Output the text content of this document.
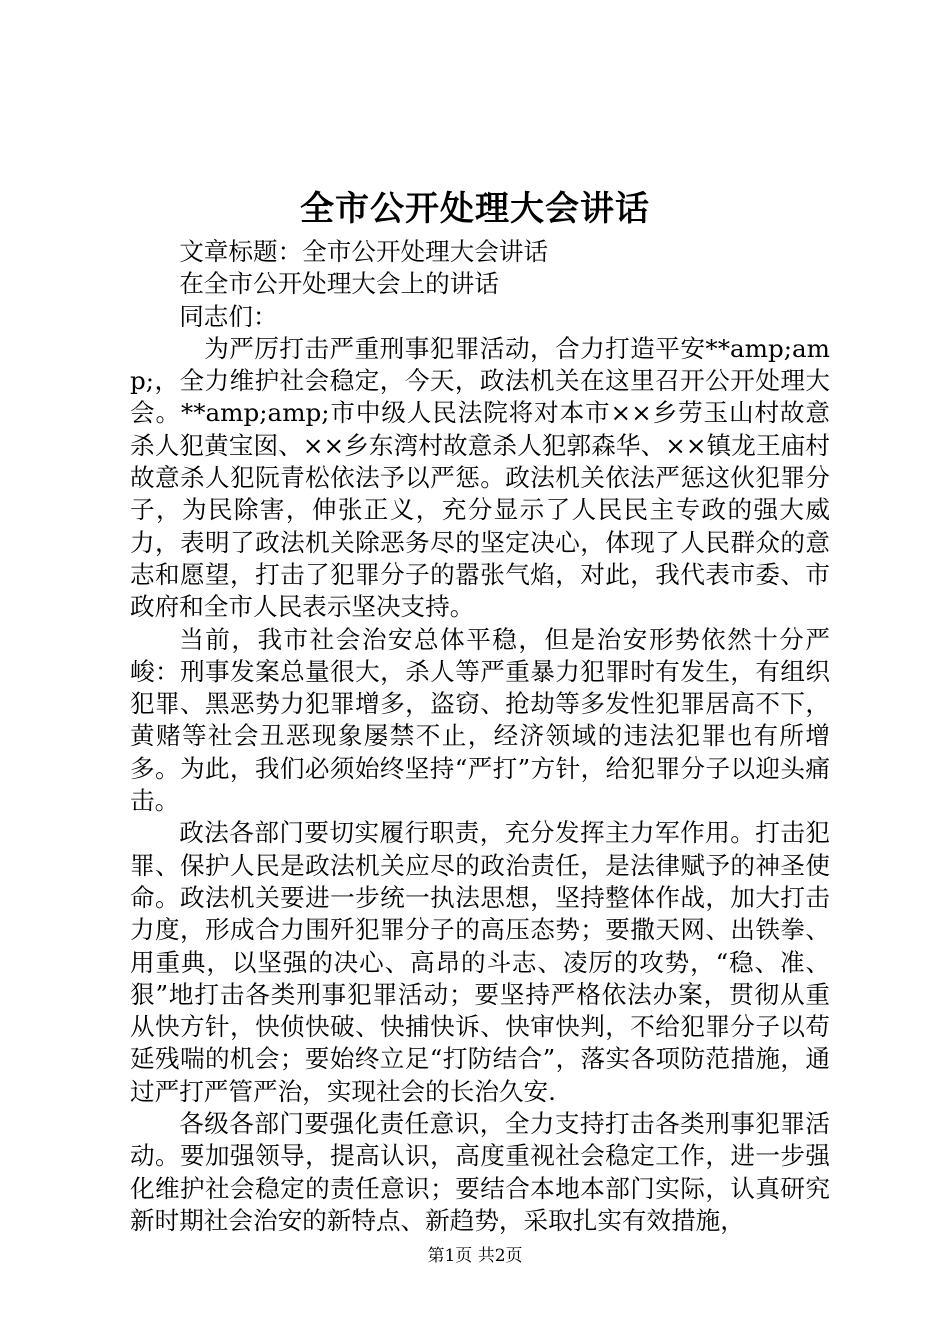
全市公开处理大会讲话

文章标题：全市公开处理大会讲话

在全市公开处理大会上的讲话

同志们：

　为严厉打击严重刑事犯罪活动，合力打造平安**amp;amp;，全力维护社会稳定，今天，政法机关在这里召开公开处理大会。**amp;amp;市中级人民法院将对本市××乡劳玉山村故意杀人犯黄宝囡、××乡东湾村故意杀人犯郭森华、××镇龙王庙村故意杀人犯阮青松依法予以严惩。政法机关依法严惩这伙犯罪分子，为民除害，伸张正义，充分显示了人民民主专政的强大威力，表明了政法机关除恶务尽的坚定决心，体现了人民群众的意志和愿望，打击了犯罪分子的嚣张气焰，对此，我代表市委、市政府和全市人民表示坚决支持。

当前，我市社会治安总体平稳，但是治安形势依然十分严峻：刑事发案总量很大，杀人等严重暴力犯罪时有发生，有组织犯罪、黑恶势力犯罪增多，盗窃、抢劫等多发性犯罪居高不下，黄赌等社会丑恶现象屡禁不止，经济领域的违法犯罪也有所增多。为此，我们必须始终坚持“严打”方针，给犯罪分子以迎头痛击。

政法各部门要切实履行职责，充分发挥主力军作用。打击犯罪、保护人民是政法机关应尽的政治责任，是法律赋予的神圣使命。政法机关要进一步统一执法思想，坚持整体作战，加大打击力度，形成合力围歼犯罪分子的高压态势；要撒天网、出铁拳、用重典，以坚强的决心、高昂的斗志、凌厉的攻势，“稳、准、狠”地打击各类刑事犯罪活动；要坚持严格依法办案，贯彻从重从快方针，快侦快破、快捕快诉、快审快判，不给犯罪分子以苟延残喘的机会；要始终立足“打防结合”，落实各项防范措施，通过严打严管严治，实现社会的长治久安.

各级各部门要强化责任意识，全力支持打击各类刑事犯罪活动。要加强领导，提高认识，高度重视社会稳定工作，进一步强化维护社会稳定的责任意识；要结合本地本部门实际，认真研究新时期社会治安的新特点、新趋势，采取扎实有效措施，

第1页 共2页
